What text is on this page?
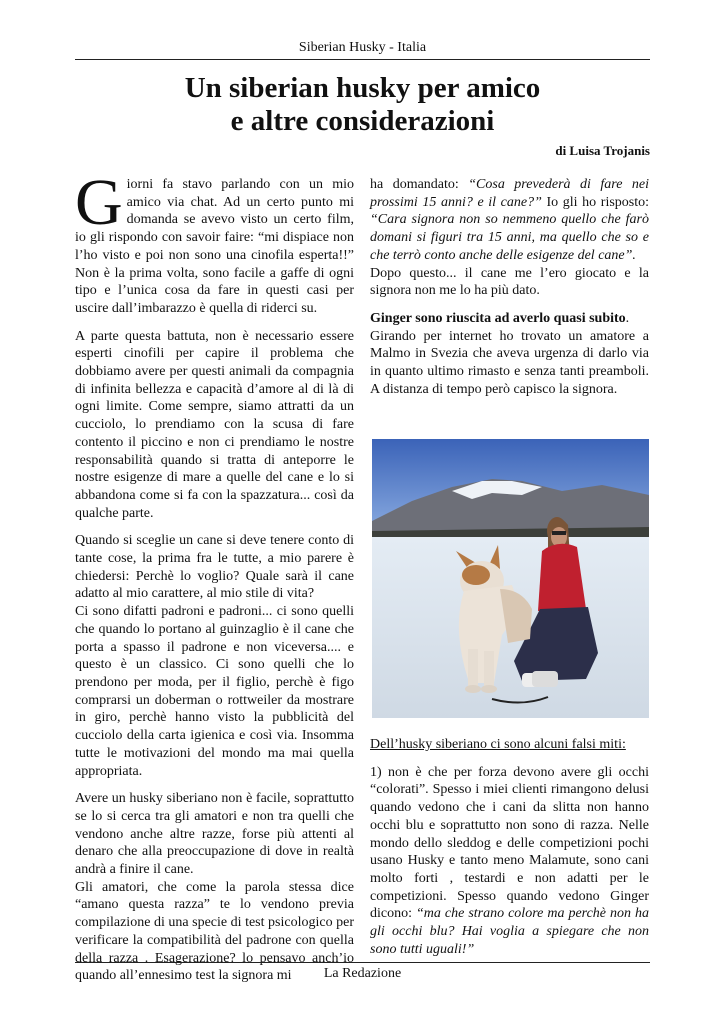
Siberian Husky - Italia
Un siberian husky per amico
e altre considerazioni
di Luisa Trojanis

Giorni fa stavo parlando con un mio amico via chat. Ad un certo punto mi domanda se avevo visto un certo film, io gli rispondo con savoir faire: “mi dispiace non l’ho visto e poi non sono una cinofila esperta!!” Non è la prima volta, sono facile a gaffe di ogni tipo e l’unica cosa da fare in questi casi per uscire dall’imbarazzo è quella di riderci su.

A parte questa battuta, non è necessario essere esperti cinofili per capire il problema che dobbiamo avere per questi animali da compagnia di infinita bellezza e capacità d’amore al di là di ogni limite. Come sempre, siamo attratti da un cucciolo, lo prendiamo con la scusa di fare contento il piccino e non ci prendiamo le nostre responsabilità quando si tratta di anteporre le nostre esigenze di mare a quelle del cane e lo si abbandona come si fa con la spazzatura... così da qualche parte.

Quando si sceglie un cane si deve tenere conto di tante cose, la prima fra le tutte, a mio parere è chiedersi: Perchè lo voglio? Quale sarà il cane adatto al mio carattere, al mio stile di vita?

Ci sono difatti padroni e padroni... ci sono quelli che quando lo portano al guinzaglio è il cane che porta a spasso il padrone e non viceversa.... e questo è un classico. Ci sono quelli che lo prendono per moda, per il figlio, perchè è figo comprarsi un doberman o rottweiler da mostrare in giro, perchè hanno visto la pubblicità del cucciolo della carta igienica e così via. Insomma tutte le motivazioni del mondo ma mai quella appropriata.

Avere un husky siberiano non è facile, soprattutto se lo si cerca tra gli amatori e non tra quelli che vendono anche altre razze, forse più attenti al denaro che alla preoccupazione di dove in realtà andrà a finire il cane.

Gli amatori, che come la parola stessa dice “amano questa razza” te lo vendono previa compilazione di una specie di test psicologico per verificare la compatibilità del padrone con quella della razza . Esagerazione? lo pensavo anch’io quando all’ennesimo test la signora mi

ha domandato: “Cosa prevederà di fare nei prossimi 15 anni? e il cane?” Io gli ho risposto: “Cara signora non so nemmeno quello che farò domani si figuri tra 15 anni, ma quello che so e che terrò conto anche delle esigenze del cane”.

Dopo questo... il cane me l’ero giocato e la signora non me lo ha più dato.

Ginger sono riuscita ad averlo quasi subito.
Girando per internet ho trovato un amatore a Malmo in Svezia che aveva urgenza di darlo via in quanto ultimo rimasto e senza tanti preamboli. A distanza di tempo però capisco la signora.

Dell’husky siberiano ci sono alcuni falsi miti:

1) non è che per forza devono avere gli occhi “colorati”. Spesso i miei clienti rimangono delusi quando vedono che i cani da slitta non hanno occhi blu e soprattutto non sono di razza. Nelle mondo dello sleddog e delle competizioni pochi usano Husky e tanto meno Malamute, sono cani molto forti , testardi e non adatti per le competizioni. Spesso quando vedono Ginger dicono: “ma che strano colore ma perchè non ha gli occhi blu? Hai voglia a spiegare che non sono tutti uguali!”

La Redazione
